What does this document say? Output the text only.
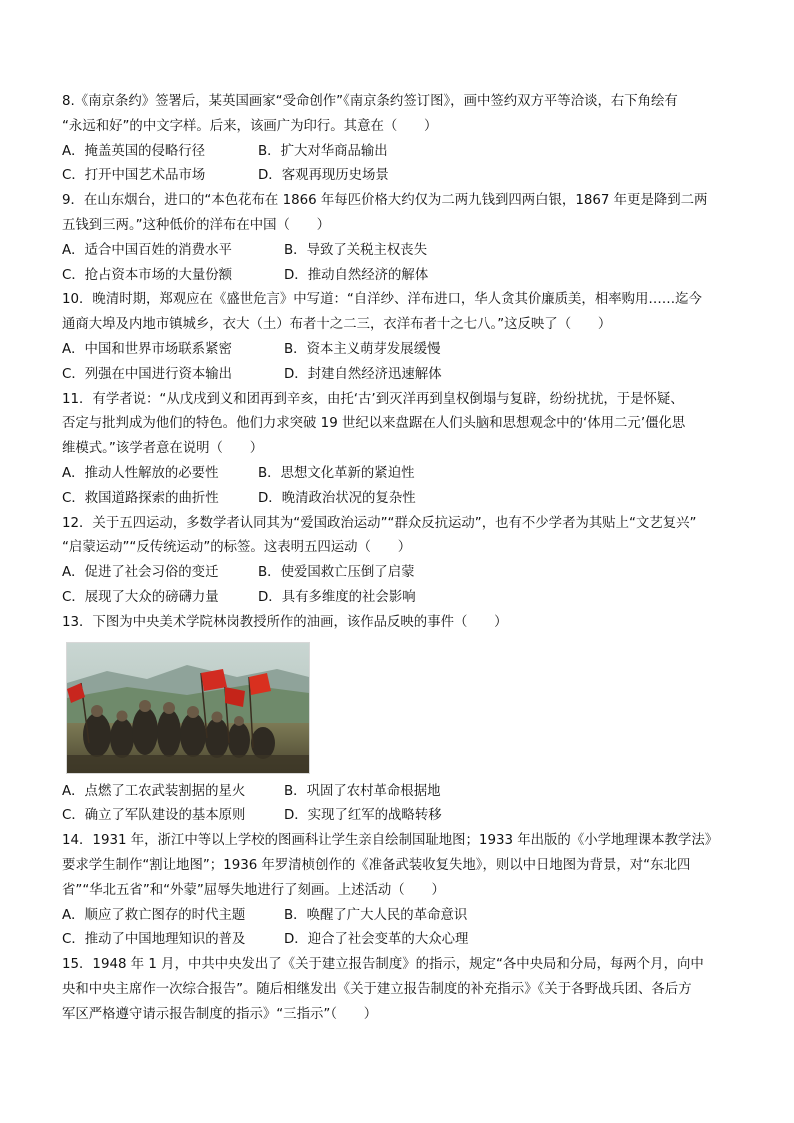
8.《南京条约》签署后，某英国画家“受命创作”《南京条约签订图》，画中签约双方平等洽谈，右下角绘有
“永远和好”的中文字样。后来，该画广为印行。其意在（　　）
A．掩盖英国的侵略行径	B．扩大对华商品输出
C．打开中国艺术品市场	D．客观再现历史场景
9．在山东烟台，进口的“本色花布在 1866 年每匹价格大约仅为二两九钱到四两白银，1867 年更是降到二两
五钱到三两。”这种低价的洋布在中国（　　）
A．适合中国百姓的消费水平	B．导致了关税主权丧失
C．抢占资本市场的大量份额	D．推动自然经济的解体
10．晚清时期，郑观应在《盛世危言》中写道：“自洋纱、洋布进口，华人贪其价廉质美，相率购用……迄今
通商大埠及内地市镇城乡，衣大（土）布者十之二三，衣洋布者十之七八。”这反映了（　　）
A．中国和世界市场联系紧密	B．资本主义萌芽发展缓慢
C．列强在中国进行资本输出	D．封建自然经济迅速解体
11．有学者说：“从戊戌到义和团再到辛亥，由托‘古’到灭洋再到皇权倒塌与复辟，纷纷扰扰，于是怀疑、
否定与批判成为他们的特色。他们力求突破 19 世纪以来盘踞在人们头脑和思想观念中的‘体用二元’僵化思
维模式。”该学者意在说明（　　）
A．推动人性解放的必要性	B．思想文化革新的紧迫性
C．救国道路探索的曲折性	D．晚清政治状况的复杂性
12．关于五四运动，多数学者认同其为“爱国政治运动”“群众反抗运动”，也有不少学者为其贴上“文艺复兴”
“启蒙运动”“反传统运动”的标签。这表明五四运动（　　）
A．促进了社会习俗的变迁	B．使爱国救亡压倒了启蒙
C．展现了大众的磅礴力量	D．具有多维度的社会影响
13．下图为中央美术学院林岗教授所作的油画，该作品反映的事件（　　）
A．点燃了工农武装割据的星火	B．巩固了农村革命根据地
C．确立了军队建设的基本原则	D．实现了红军的战略转移
14．1931 年，浙江中等以上学校的图画科让学生亲自绘制国耻地图；1933 年出版的《小学地理课本教学法》
要求学生制作“割让地图”；1936 年罗清桢创作的《准备武装收复失地》，则以中日地图为背景，对“东北四
省”“华北五省”和“外蒙”屈辱失地进行了刻画。上述活动（　　）
A．顺应了救亡图存的时代主题	B．唤醒了广大人民的革命意识
C．推动了中国地理知识的普及	D．迎合了社会变革的大众心理
15．1948 年 1 月，中共中央发出了《关于建立报告制度》的指示，规定“各中央局和分局，每两个月，向中
央和中央主席作一次综合报告”。随后相继发出《关于建立报告制度的补充指示》《关于各野战兵团、各后方
军区严格遵守请示报告制度的指示》“三指示”（　　）
